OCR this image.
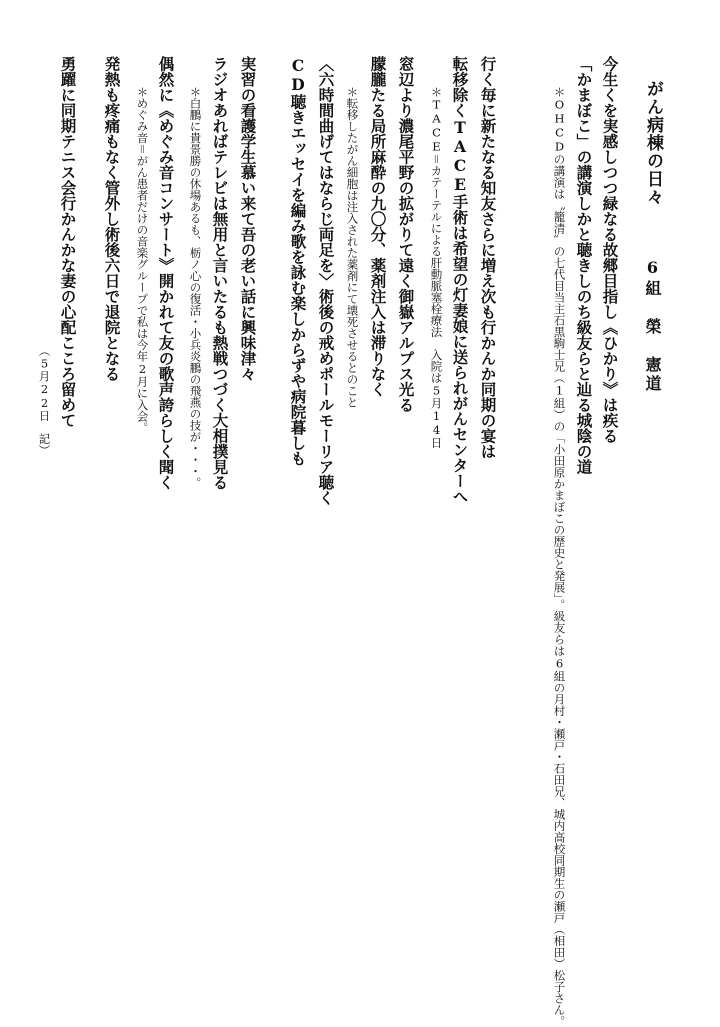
がん病棟の日々
6組　榮　憲道
今生くを実感しつつ緑なる故郷目指し《ひかり》は疾る
「かまぼこ」の講演しかと聴きしのち級友らと辿る城陰の道
＊OHCDの講演は〝籠清〟の七代目当主石黒駒士兄（1組）の「小田原かまぼこの歴史と発展」。級友らは6組の月村・瀬戸・石田兄、城内高校同期生の瀬戸（相田）松子さん。
行く毎に新たなる知友さらに増え次も行かんか同期の宴は
転移除くTACE手術は希望の灯妻娘に送られがんセンターへ
＊TACE＝カテーテルによる肝動脈塞栓療法　入院は5月14日
窓辺より濃尾平野の拡がりて遠く御嶽アルプス光る
朦朧たる局所麻酔の九〇分、薬剤注入は滞りなく
＊転移したがん細胞は注入された薬剤にて壊死させるとのこと
〈六時間曲げてはならじ両足を〉術後の戒めポールモーリア聴く
CD聴きエッセイを編み歌を詠む楽しからずや病院暮しも
実習の看護学生慕い来て吾の老い話に興味津々
ラジオあればテレビは無用と言いたるも熱戦つづく大相撲見る
＊白鵬に貴景勝の休場あるも、栃ノ心の復活・小兵炎鵬の飛燕の技が・・・。
偶然に《めぐみ音コンサート》開かれて友の歌声誇らしく聞く
＊めぐみ音＝がん患者だけの音楽グループで私は今年2月に入会。
発熱も疼痛もなく管外し術後六日で退院となる
勇躍に同期テニス会行かんかな妻の心配こころ留めて
（5月22日　記）
